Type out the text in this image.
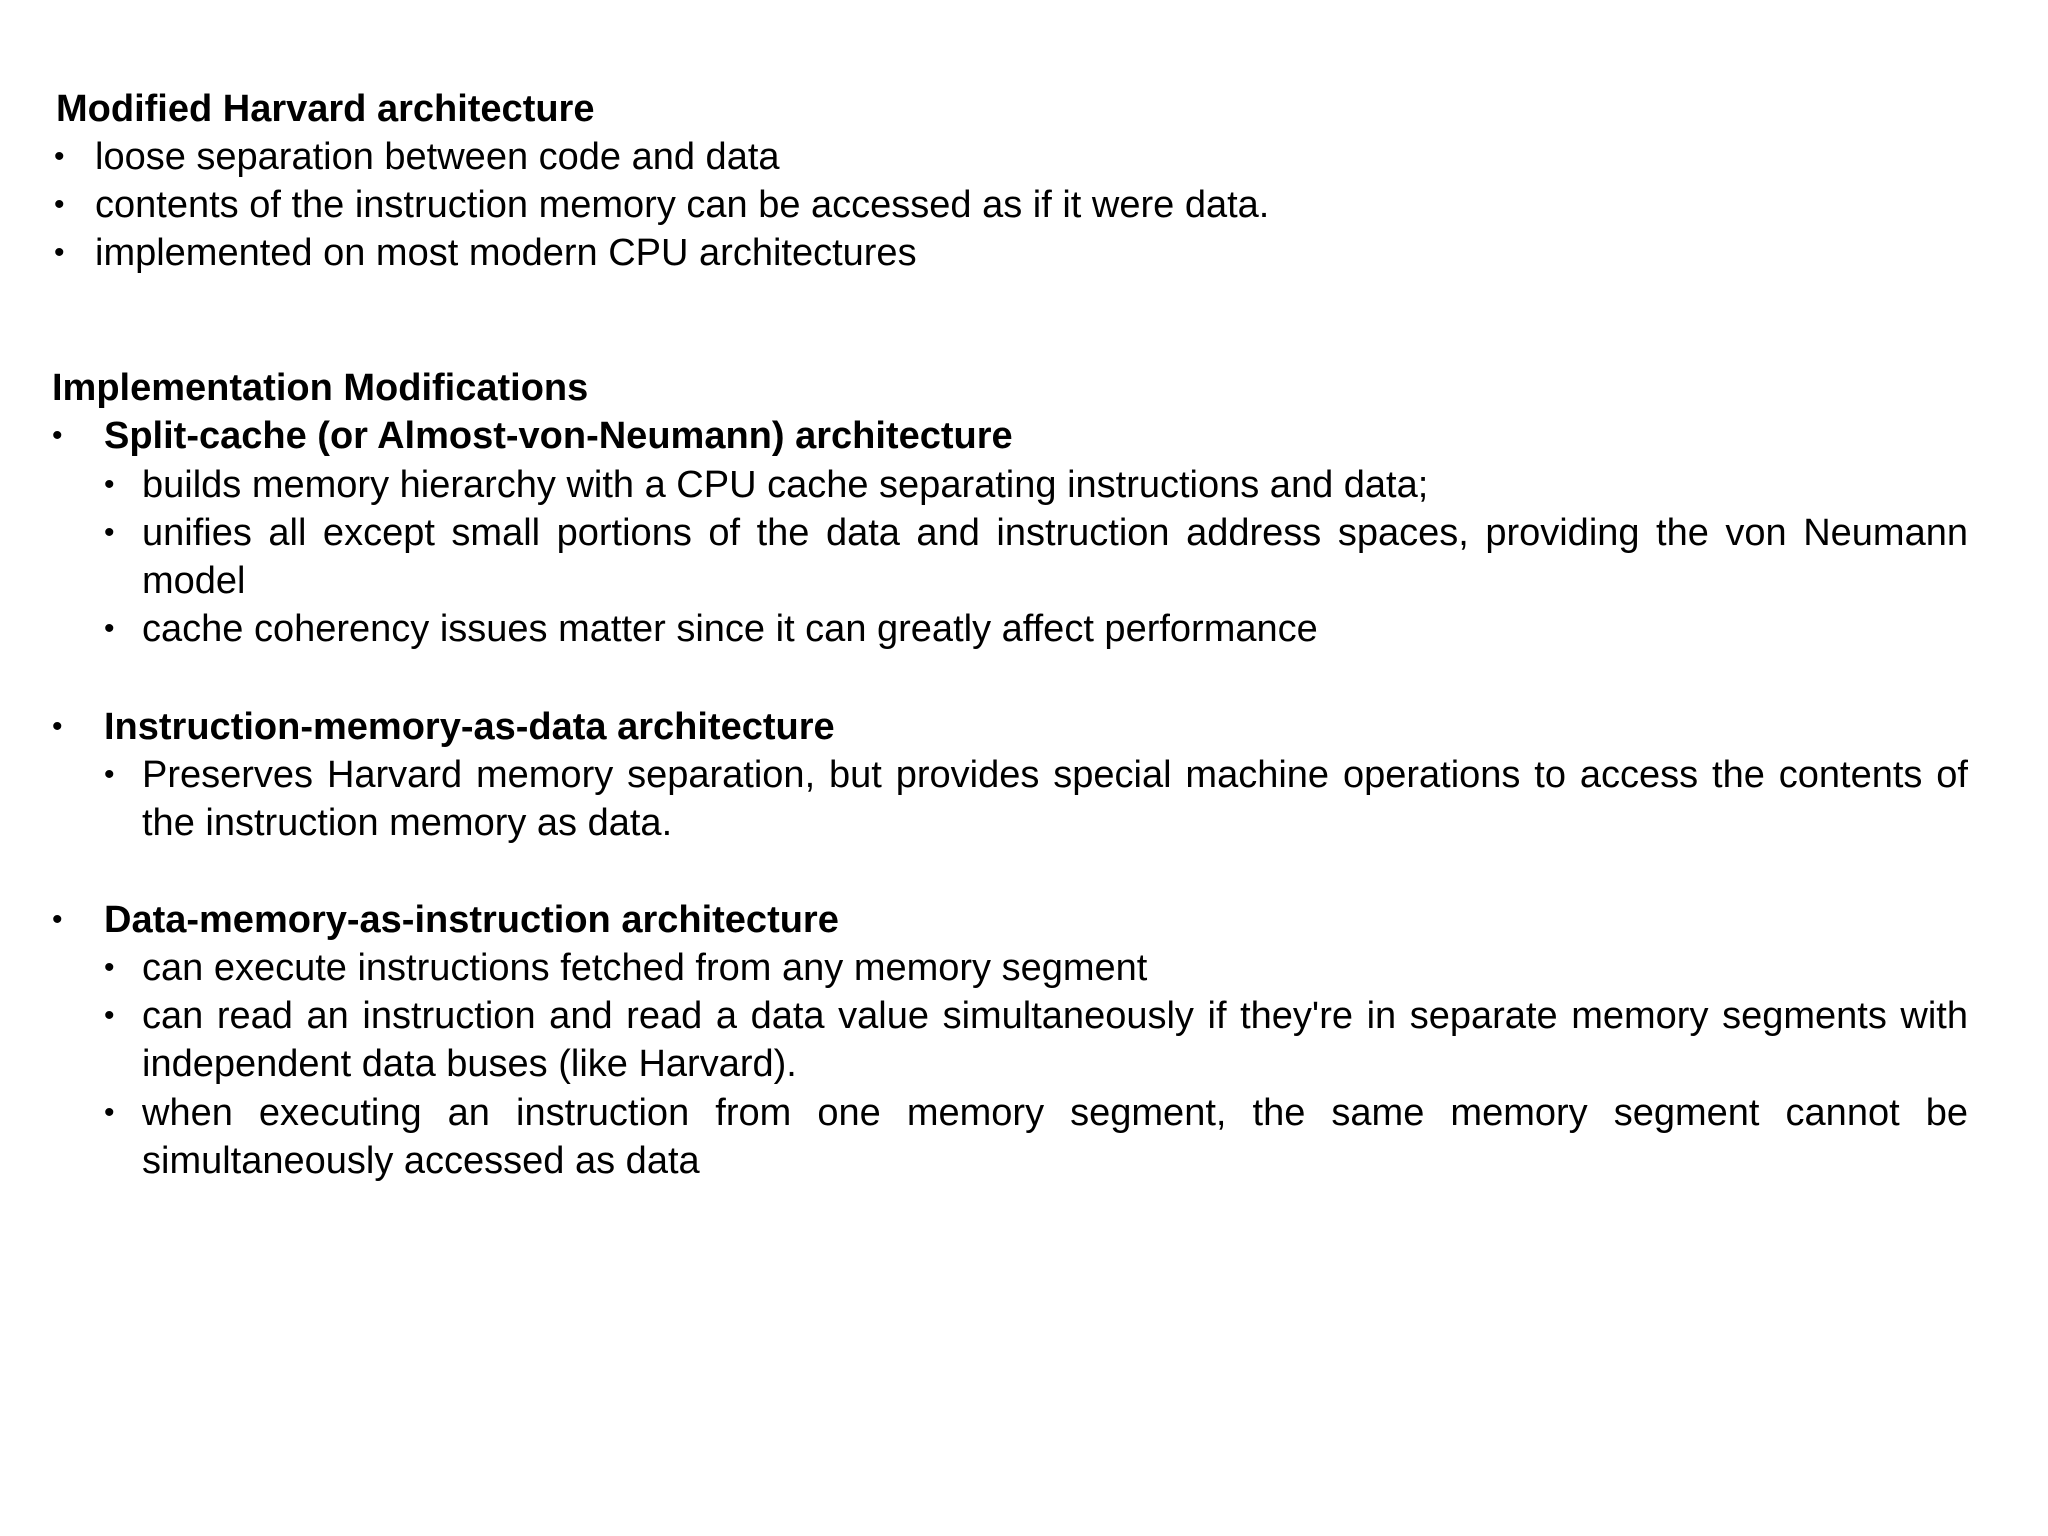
Modified Harvard architecture
• loose separation between code and data
• contents of the instruction memory can be accessed as if it were data.
• implemented on most modern CPU architectures
Implementation Modifications
• Split-cache (or Almost-von-Neumann) architecture
• builds memory hierarchy with a CPU cache separating instructions and data;
• unifies all except small portions of the data and instruction address spaces, providing the von Neumann model
• cache coherency issues matter since it can greatly affect performance
• Instruction-memory-as-data architecture
• Preserves Harvard memory separation, but provides special machine operations to access the contents of the instruction memory as data.
• Data-memory-as-instruction architecture
• can execute instructions fetched from any memory segment
• can read an instruction and read a data value simultaneously if they're in separate memory segments with independent data buses (like Harvard).
• when executing an instruction from one memory segment, the same memory segment cannot be simultaneously accessed as data
